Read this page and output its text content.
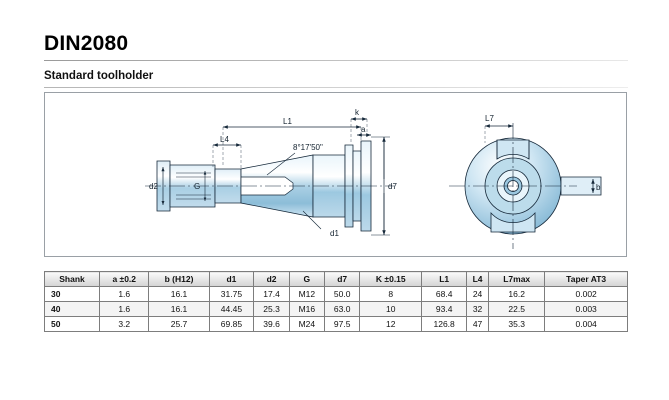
DIN2080
Standard toolholder
L1
L4
k
a
d2	G
d1
d7
8°17'50"
L7
b
Shank	a ±0.2	b (H12)	d1	d2	G	d7	K ±0.15	L1	L4	L7max	Taper AT3
30	1.6	16.1	31.75	17.4	M12	50.0	8	68.4	24	16.2	0.002
40	1.6	16.1	44.45	25.3	M16	63.0	10	93.4	32	22.5	0.003
50	3.2	25.7	69.85	39.6	M24	97.5	12	126.8	47	35.3	0.004
